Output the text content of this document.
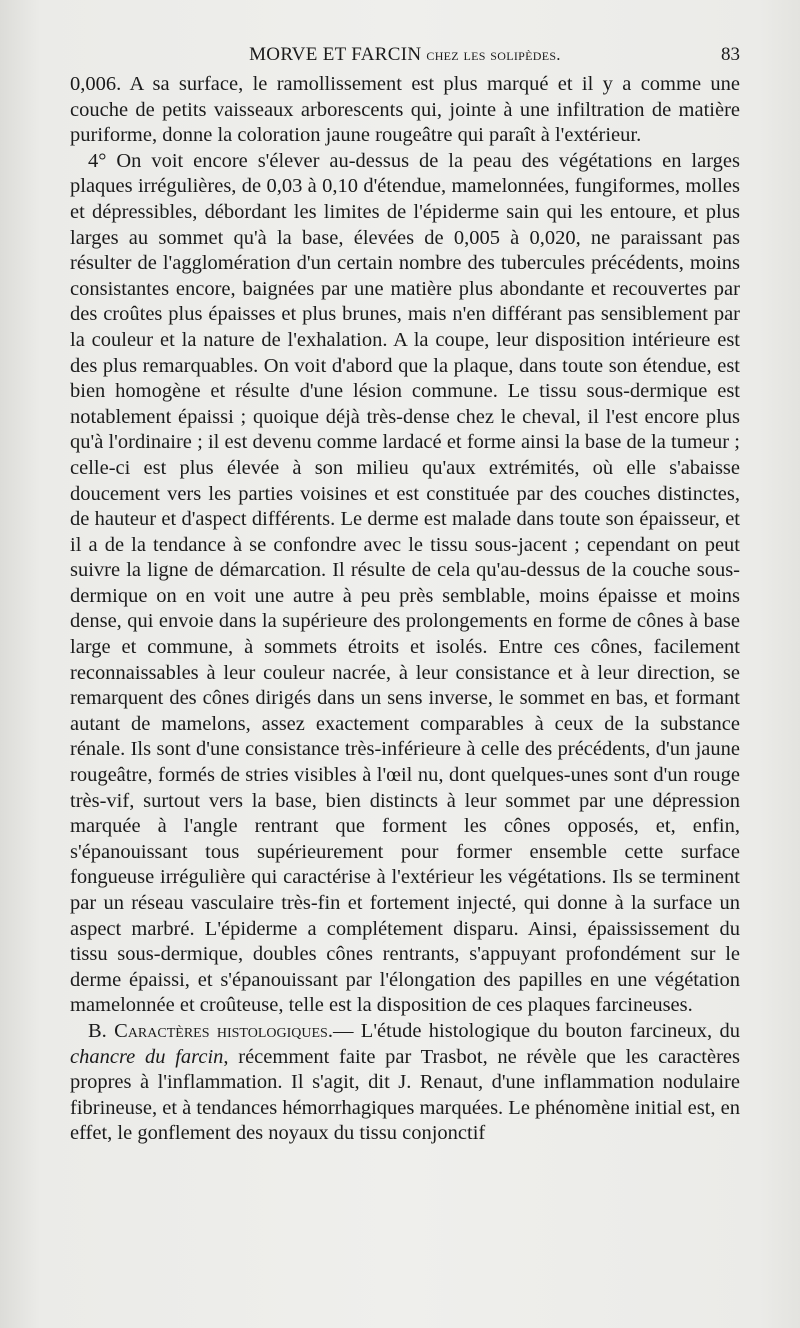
MORVE ET FARCIN chez les solipèdes.	83

0,006. A sa surface, le ramollissement est plus marqué et il y a comme une couche de petits vaisseaux arborescents qui, jointe à une infiltration de matière puriforme, donne la coloration jaune rougeâtre qui paraît à l'extérieur.

4° On voit encore s'élever au-dessus de la peau des végétations en larges plaques irrégulières, de 0,03 à 0,10 d'étendue, mamelonnées, fungiformes, molles et dépressibles, débordant les limites de l'épiderme sain qui les entoure, et plus larges au sommet qu'à la base, élevées de 0,005 à 0,020, ne paraissant pas résulter de l'agglomération d'un certain nombre des tubercules précédents, moins consistantes encore, baignées par une matière plus abondante et recouvertes par des croûtes plus épaisses et plus brunes, mais n'en différant pas sensiblement par la couleur et la nature de l'exhalation. A la coupe, leur disposition intérieure est des plus remarquables. On voit d'abord que la plaque, dans toute son étendue, est bien homogène et résulte d'une lésion commune. Le tissu sous-dermique est notablement épaissi ; quoique déjà très-dense chez le cheval, il l'est encore plus qu'à l'ordinaire ; il est devenu comme lardacé et forme ainsi la base de la tumeur ; celle-ci est plus élevée à son milieu qu'aux extrémités, où elle s'abaisse doucement vers les parties voisines et est constituée par des couches distinctes, de hauteur et d'aspect différents. Le derme est malade dans toute son épaisseur, et il a de la tendance à se confondre avec le tissu sous-jacent ; cependant on peut suivre la ligne de démarcation. Il résulte de cela qu'au-dessus de la couche sous-dermique on en voit une autre à peu près semblable, moins épaisse et moins dense, qui envoie dans la supérieure des prolongements en forme de cônes à base large et commune, à sommets étroits et isolés. Entre ces cônes, facilement reconnaissables à leur couleur nacrée, à leur consistance et à leur direction, se remarquent des cônes dirigés dans un sens inverse, le sommet en bas, et formant autant de mamelons, assez exactement comparables à ceux de la substance rénale. Ils sont d'une consistance très-inférieure à celle des précédents, d'un jaune rougeâtre, formés de stries visibles à l'œil nu, dont quelques-unes sont d'un rouge très-vif, surtout vers la base, bien distincts à leur sommet par une dépression marquée à l'angle rentrant que forment les cônes opposés, et, enfin, s'épanouissant tous supérieurement pour former ensemble cette surface fongueuse irrégulière qui caractérise à l'extérieur les végétations. Ils se terminent par un réseau vasculaire très-fin et fortement injecté, qui donne à la surface un aspect marbré. L'épiderme a complétement disparu. Ainsi, épaississement du tissu sous-dermique, doubles cônes rentrants, s'appuyant profondément sur le derme épaissi, et s'épanouissant par l'élongation des papilles en une végétation mamelonnée et croûteuse, telle est la disposition de ces plaques farcineuses.

B. Caractères histologiques.— L'étude histologique du bouton farcineux, du chancre du farcin, récemment faite par Trasbot, ne révèle que les caractères propres à l'inflammation. Il s'agit, dit J. Renaut, d'une inflammation nodulaire fibrineuse, et à tendances hémorrhagiques marquées. Le phénomène initial est, en effet, le gonflement des noyaux du tissu conjonctif
